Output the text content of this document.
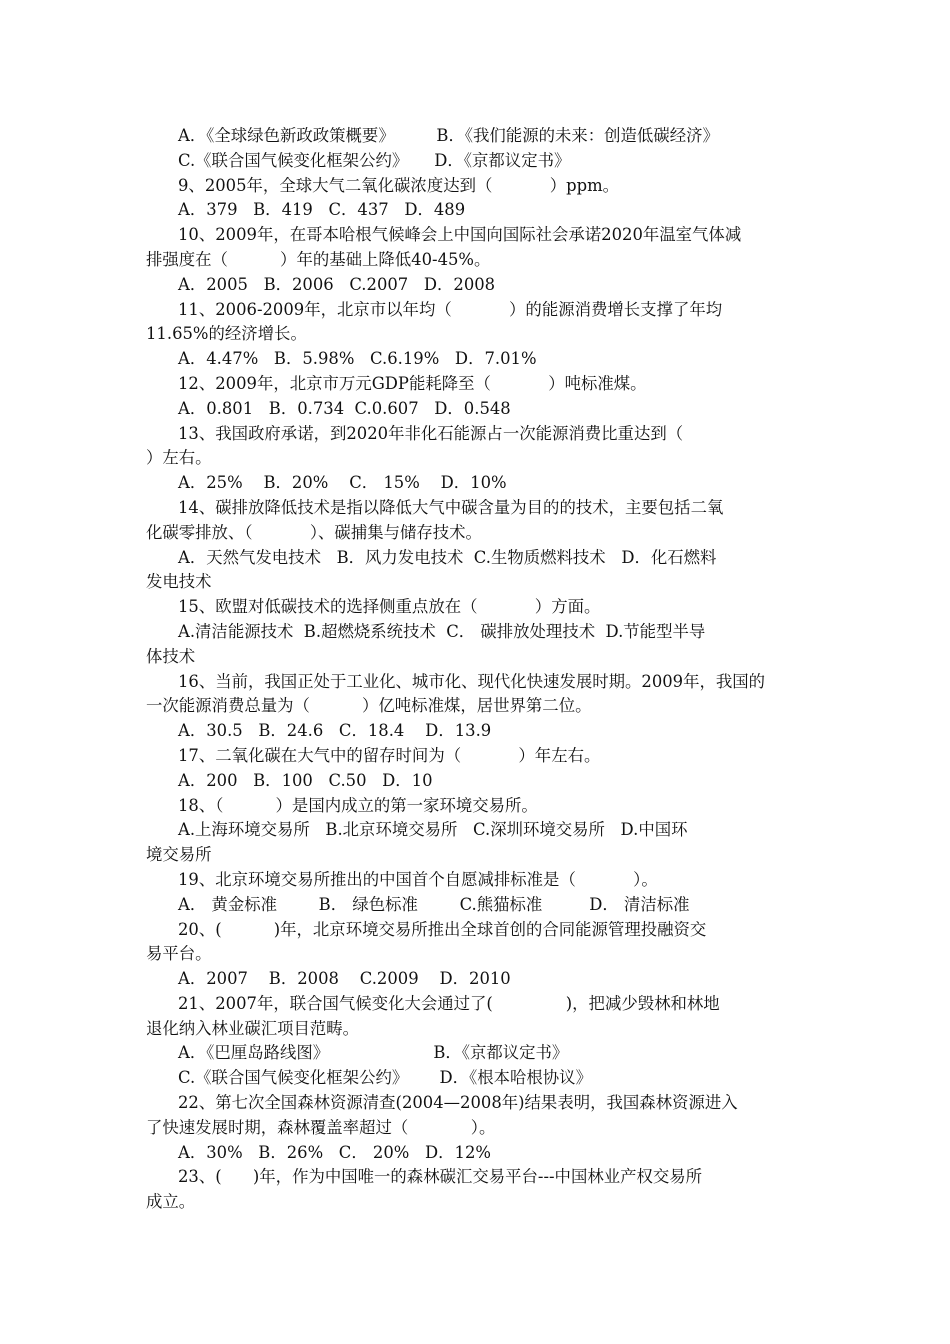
A．《全球绿色新政政策概要》        B．《我们能源的未来：创造低碳经济》
C.《联合国气候变化框架公约》     D．《京都议定书》
9、2005年，全球大气二氧化碳浓度达到（           ）ppm。
A．379   B．419   C．437   D．489
10、2009年，在哥本哈根气候峰会上中国向国际社会承诺2020年温室气体减
排强度在（          ）年的基础上降低40-45%。
A．2005   B．2006   C.2007   D．2008
11、2006-2009年，北京市以年均（           ）的能源消费增长支撑了年均
11.65%的经济增长。
A．4.47%   B．5.98%   C.6.19%   D．7.01%
12、2009年，北京市万元GDP能耗降至（           ）吨标准煤。
A．0.801   B．0.734  C.0.607   D．0.548
13、我国政府承诺，到2020年非化石能源占一次能源消费比重达到（
）左右。
A．25%    B．20%    C． 15%    D．10%
14、碳排放降低技术是指以降低大气中碳含量为目的的技术，主要包括二氧
化碳零排放、（           ）、碳捕集与储存技术。
A．天然气发电技术   B．风力发电技术  C.生物质燃料技术   D．化石燃料
发电技术
15、欧盟对低碳技术的选择侧重点放在（           ）方面。
A.清洁能源技术  B.超燃烧系统技术  C． 碳排放处理技术  D.节能型半导
体技术
16、当前，我国正处于工业化、城市化、现代化快速发展时期。2009年，我国的
一次能源消费总量为（          ）亿吨标准煤，居世界第二位。
A．30.5   B．24.6   C．18.4    D．13.9
17、二氧化碳在大气中的留存时间为（           ）年左右。
A．200   B．100   C.50   D．10
18、（          ）是国内成立的第一家环境交易所。
A.上海环境交易所   B.北京环境交易所   C.深圳环境交易所   D.中国环
境交易所
19、北京环境交易所推出的中国首个自愿减排标准是（           ）。
A． 黄金标准        B． 绿色标准        C.熊猫标准         D． 清洁标准
20、(          )年，北京环境交易所推出全球首创的合同能源管理投融资交
易平台。
A．2007    B．2008    C.2009    D．2010
21、2007年，联合国气候变化大会通过了(              )，把减少毁林和林地
退化纳入林业碳汇项目范畴。
A．《巴厘岛路线图》                    B．《京都议定书》
C.《联合国气候变化框架公约》      D．《根本哈根协议》
22、第七次全国森林资源清查(2004—2008年)结果表明，我国森林资源进入
了快速发展时期，森林覆盖率超过（            ）。
A．30%   B．26%   C． 20%   D．12%
23、(      )年，作为中国唯一的森林碳汇交易平台---中国林业产权交易所
成立。
